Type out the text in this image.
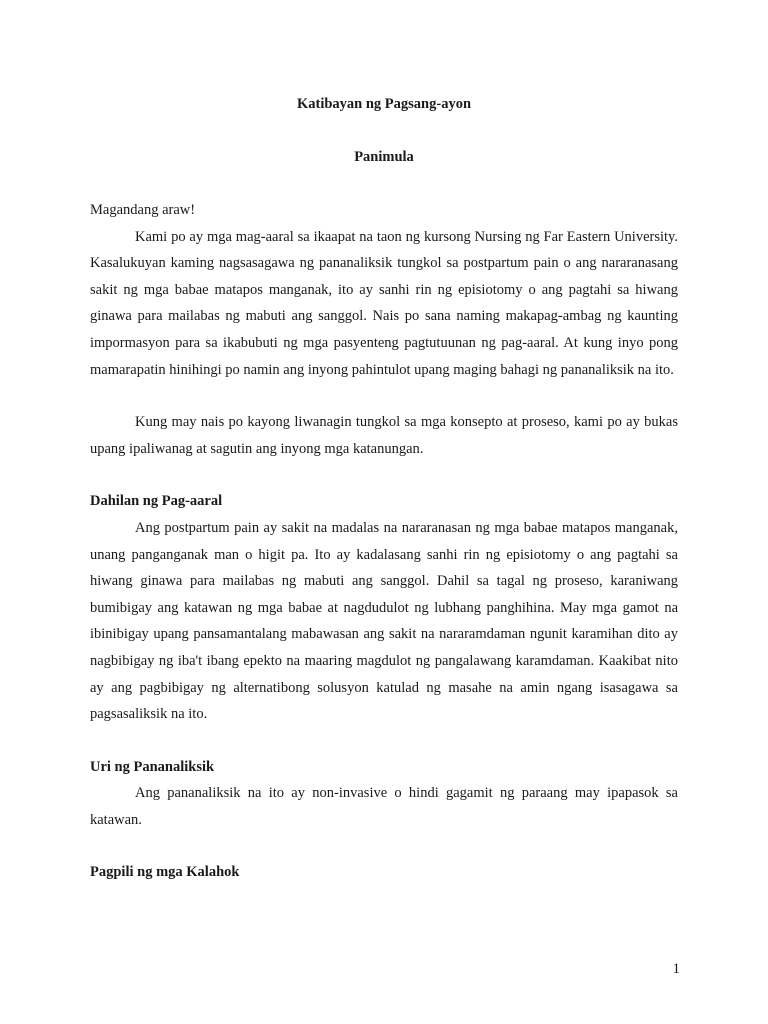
Katibayan ng Pagsang-ayon

Panimula

Magandang araw!

Kami po ay mga mag-aaral sa ikaapat na taon ng kursong Nursing ng Far Eastern University. Kasalukuyan kaming nagsasagawa ng pananaliksik tungkol sa postpartum pain o ang nararanasang sakit ng mga babae matapos manganak, ito ay sanhi rin ng episiotomy o ang pagtahi sa hiwang ginawa para mailabas ng mabuti ang sanggol. Nais po sana naming makapag-ambag ng kaunting impormasyon para sa ikabubuti ng mga pasyenteng pagtutuunan ng pag-aaral. At kung inyo pong mamarapatin hinihingi po namin ang inyong pahintulot upang maging bahagi ng pananaliksik na ito.

Kung may nais po kayong liwanagin tungkol sa mga konsepto at proseso, kami po ay bukas upang ipaliwanag at sagutin ang inyong mga katanungan.

Dahilan ng Pag-aaral

Ang postpartum pain ay sakit na madalas na nararanasan ng mga babae matapos manganak, unang panganganak man o higit pa. Ito ay kadalasang sanhi rin ng episiotomy o ang pagtahi sa hiwang ginawa para mailabas ng mabuti ang sanggol. Dahil sa tagal ng proseso, karaniwang bumibigay ang katawan ng mga babae at nagdudulot ng lubhang panghihina. May mga gamot na ibinibigay upang pansamantalang mabawasan ang sakit na nararamdaman ngunit karamihan dito ay nagbibigay ng iba't ibang epekto na maaring magdulot ng pangalawang karamdaman. Kaakibat nito ay ang pagbibigay ng alternatibong solusyon katulad ng masahe na amin ngang isasagawa sa pagsasaliksik na ito.

Uri ng Pananaliksik

Ang pananaliksik na ito ay non-invasive o hindi gagamit ng paraang may ipapasok sa katawan.

Pagpili ng mga Kalahok

1
